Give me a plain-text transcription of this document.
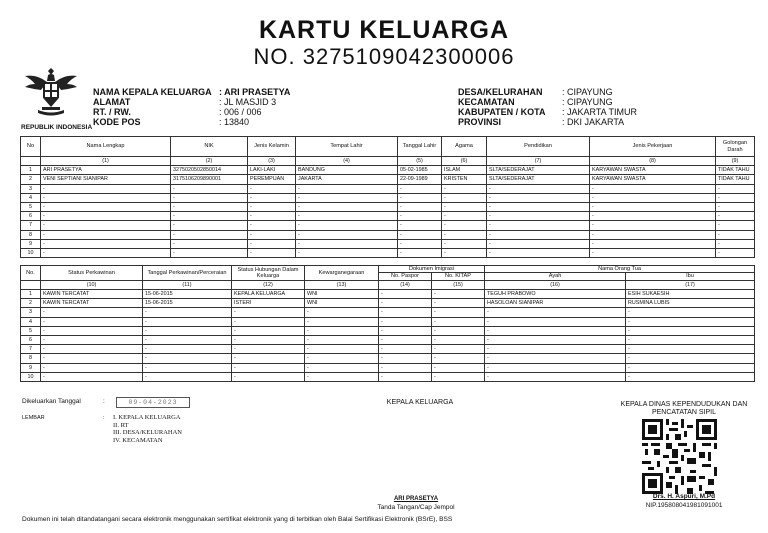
KARTU KELUARGA
NO. 3275109042300006
REPUBLIK INDONESIA
NAMA KEPALA KELUARGA : ARI PRASETYA
ALAMAT	: JL MASJID 3
RT. / RW.	: 006 / 006
KODE POS	: 13840
DESA/KELURAHAN	: CIPAYUNG
KECAMATAN	: CIPAYUNG
KABUPATEN / KOTA	: JAKARTA TIMUR
PROVINSI	: DKI JAKARTA
No	Nama Lengkap	NIK	Jenis Kelamin	Tempat Lahir	Tanggal Lahir	Agama	Pendidikan	Jenis Pekerjaan	Golongan Darah
	(1)	(2)	(3)	(4)	(5)	(6)	(7)	(8)	(9)
1	ARI PRASETYA	3275020502850014	LAKI-LAKI	BANDUNG	05-02-1985	ISLAM	SLTA/SEDERAJAT	KARYAWAN SWASTA	TIDAK TAHU
2	VENI SEPTIANI SIANIPAR	3175106209890001	PEREMPUAN	JAKARTA	22-09-1989	KRISTEN	SLTA/SEDERAJAT	KARYAWAN SWASTA	TIDAK TAHU
3	-	-	-	-	-	-	-	-	-
4	-	-	-	-	-	-	-	-	-
5	-	-	-	-	-	-	-	-	-
6	-	-	-	-	-	-	-	-	-
7	-	-	-	-	-	-	-	-	-
8	-	-	-	-	-	-	-	-	-
9	-	-	-	-	-	-	-	-	-
10	-	-	-	-	-	-	-	-	-
No.	Status Perkawinan	Tanggal Perkawinan/Perceraian	Status Hubungan Dalam Keluarga	Kewarganegaraan	Dokumen Imigrasi		Nama Orang Tua	
					No. Paspor	No. KITAP	Ayah	Ibu
	(10)	(11)	(12)	(13)	(14)	(15)	(16)	(17)
1	KAWIN TERCATAT	15-06-2015	KEPALA KELUARGA	WNI	-	-	TEGUH PRABOWO	ESIH SUKAESIH
2	KAWIN TERCATAT	15-06-2015	ISTERI	WNI	-	-	HASOLOAN SIANIPAR	RUSMINA LUBIS
3	-	-	-	-	-	-	-	-
4	-	-	-	-	-	-	-	-
5	-	-	-	-	-	-	-	-
6	-	-	-	-	-	-	-	-
7	-	-	-	-	-	-	-	-
8	-	-	-	-	-	-	-	-
9	-	-	-	-	-	-	-	-
10	-	-	-	-	-	-	-	-
Dikeluarkan Tanggal	:	09-04-2023
LEMBAR	: I. KEPALA KELUARGA
II. RT
III. DESA/KELURAHAN
IV. KECAMATAN
KEPALA KELUARGA
ARI PRASETYA
Tanda Tangan/Cap Jempol
KEPALA DINAS KEPENDUDUKAN DAN
PENCATATAN SIPIL
Drs. H. Aspuri, M.Pd
NIP.195808041981091001
Dokumen ini telah ditandatangani secara elektronik menggunakan sertifikat elektronik yang di terbitkan oleh Balai Sertifikasi Elektronik (BSrE), BSS
